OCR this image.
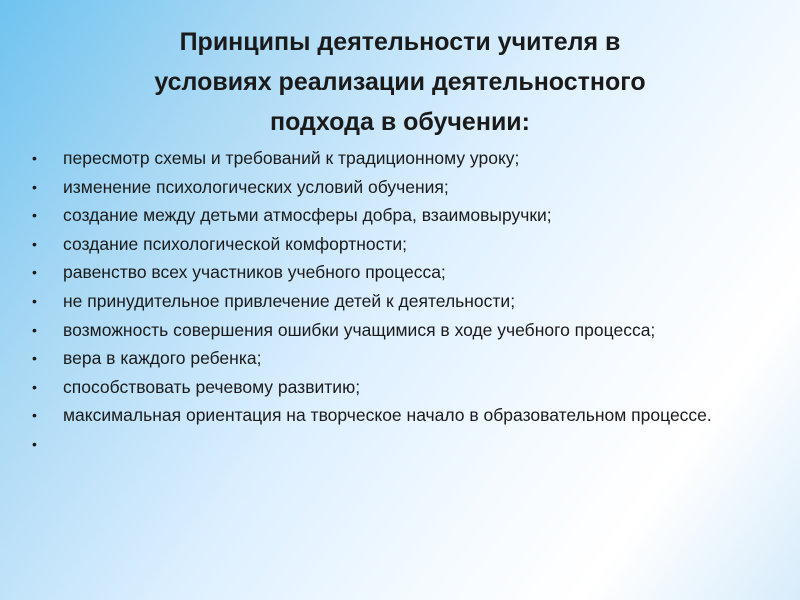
Принципы деятельности учителя в
условиях реализации деятельностного
подхода в обучении:
• пересмотр схемы и требований к традиционному уроку;
• изменение психологических условий обучения;
• создание между детьми атмосферы добра, взаимовыручки;
• создание психологической комфортности;
• равенство всех участников учебного процесса;
• не принудительное привлечение детей к деятельности;
• возможность совершения ошибки учащимися в ходе учебного процесса;
• вера в каждого ребенка;
• способствовать речевому развитию;
• максимальная ориентация на творческое начало в образовательном процессе.
•
